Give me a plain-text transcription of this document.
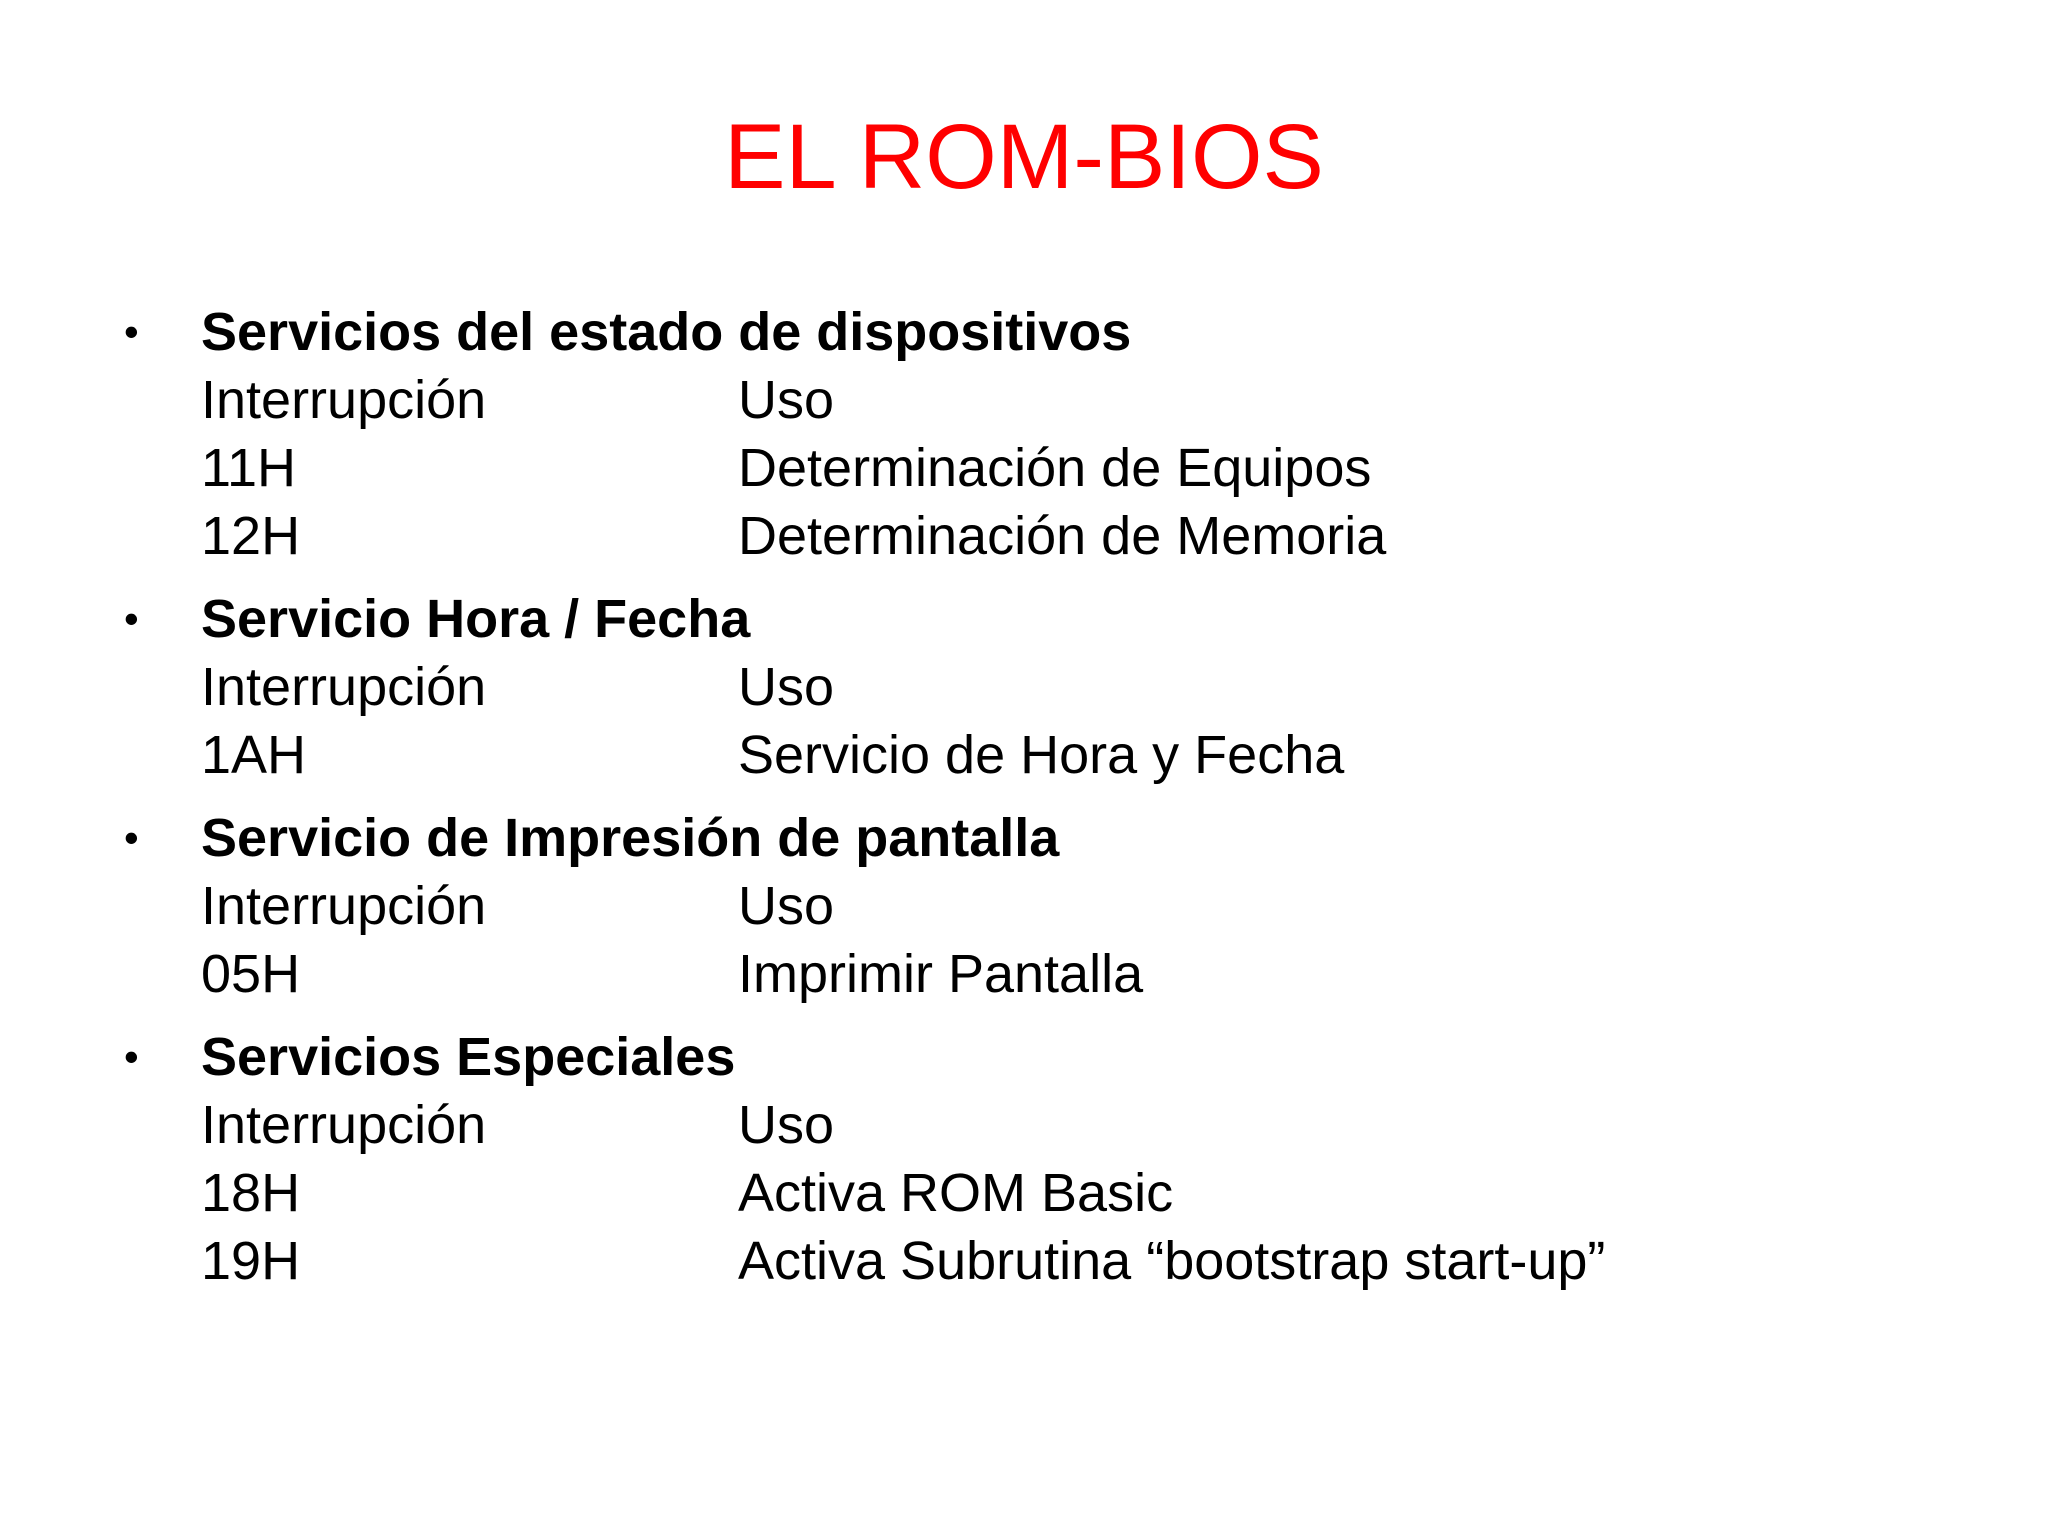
EL ROM-BIOS
• Servicios del estado de dispositivos
Interrupción	Uso
11H	Determinación de Equipos
12H	Determinación de Memoria
• Servicio Hora / Fecha
Interrupción	Uso
1AH	Servicio de Hora y Fecha
• Servicio de Impresión de pantalla
Interrupción	Uso
05H	Imprimir Pantalla
• Servicios Especiales
Interrupción	Uso
18H	Activa ROM Basic
19H	Activa Subrutina “bootstrap start-up”
